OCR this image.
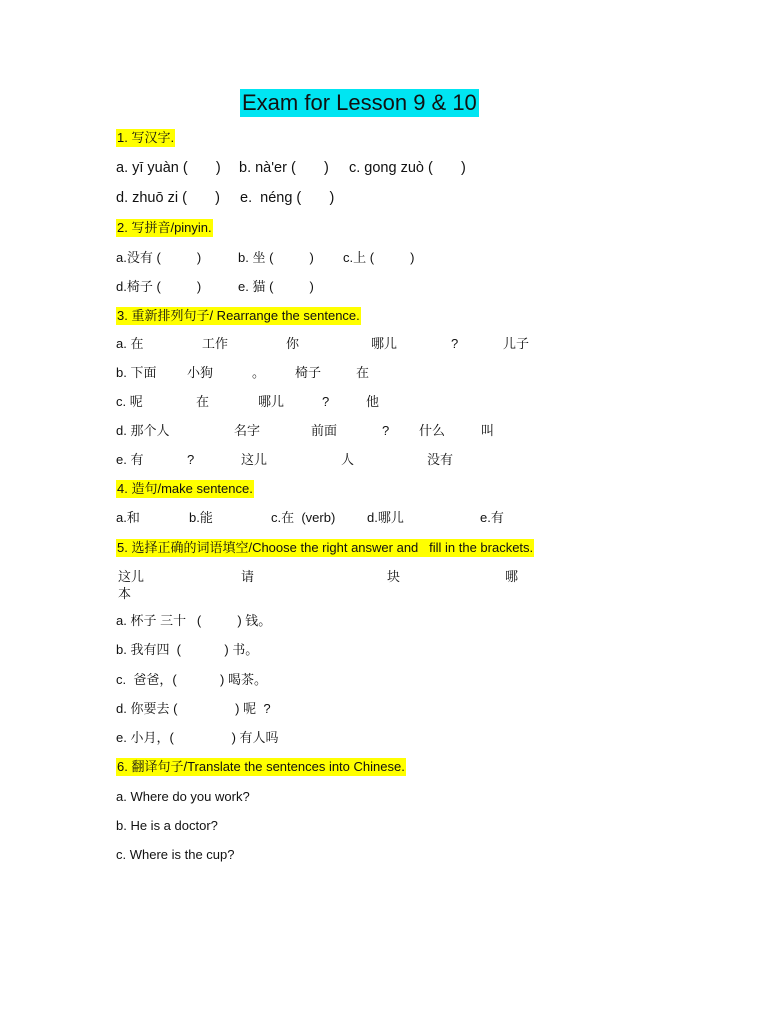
Exam for Lesson 9 & 10
1. 写汉字.
a. yī yuàn (       ) b. nà'er (       ) c. gong zuò (       )
d. zhuō zi (       ) e.  néng (       )
2. 写拼音/pinyin.
a.没有 (          )	b. 坐 (          ) c.上 (          )
d.椅子 (          )	e. 猫 (          )
3. 重新排列句子/ Rearrange the sentence.
a. 在	工作	你	哪儿	?	儿子
b. 下面 小狗	。 椅子	在
c. 呢	在	哪儿	?	他
d. 那个人	名字	前面	? 什么	叫
e. 有	?	这儿	人	没有
4. 造句/make sentence.
a.和	b.能	c.在  (verb) d.哪儿	e.有
5. 选择正确的词语填空/Choose the right answer and   fill in the brackets.
这儿	请	块	哪
本
a. 杯子 三十   (          ) 钱。
b. 我有四  (            ) 书。
c.  爸爸，(            ) 喝茶。
d. 你要去 (                ) 呢  ?
e. 小月，(                ) 有人吗
6. 翻译句子/Translate the sentences into Chinese.
a. Where do you work?
b. He is a doctor?
c. Where is the cup?
